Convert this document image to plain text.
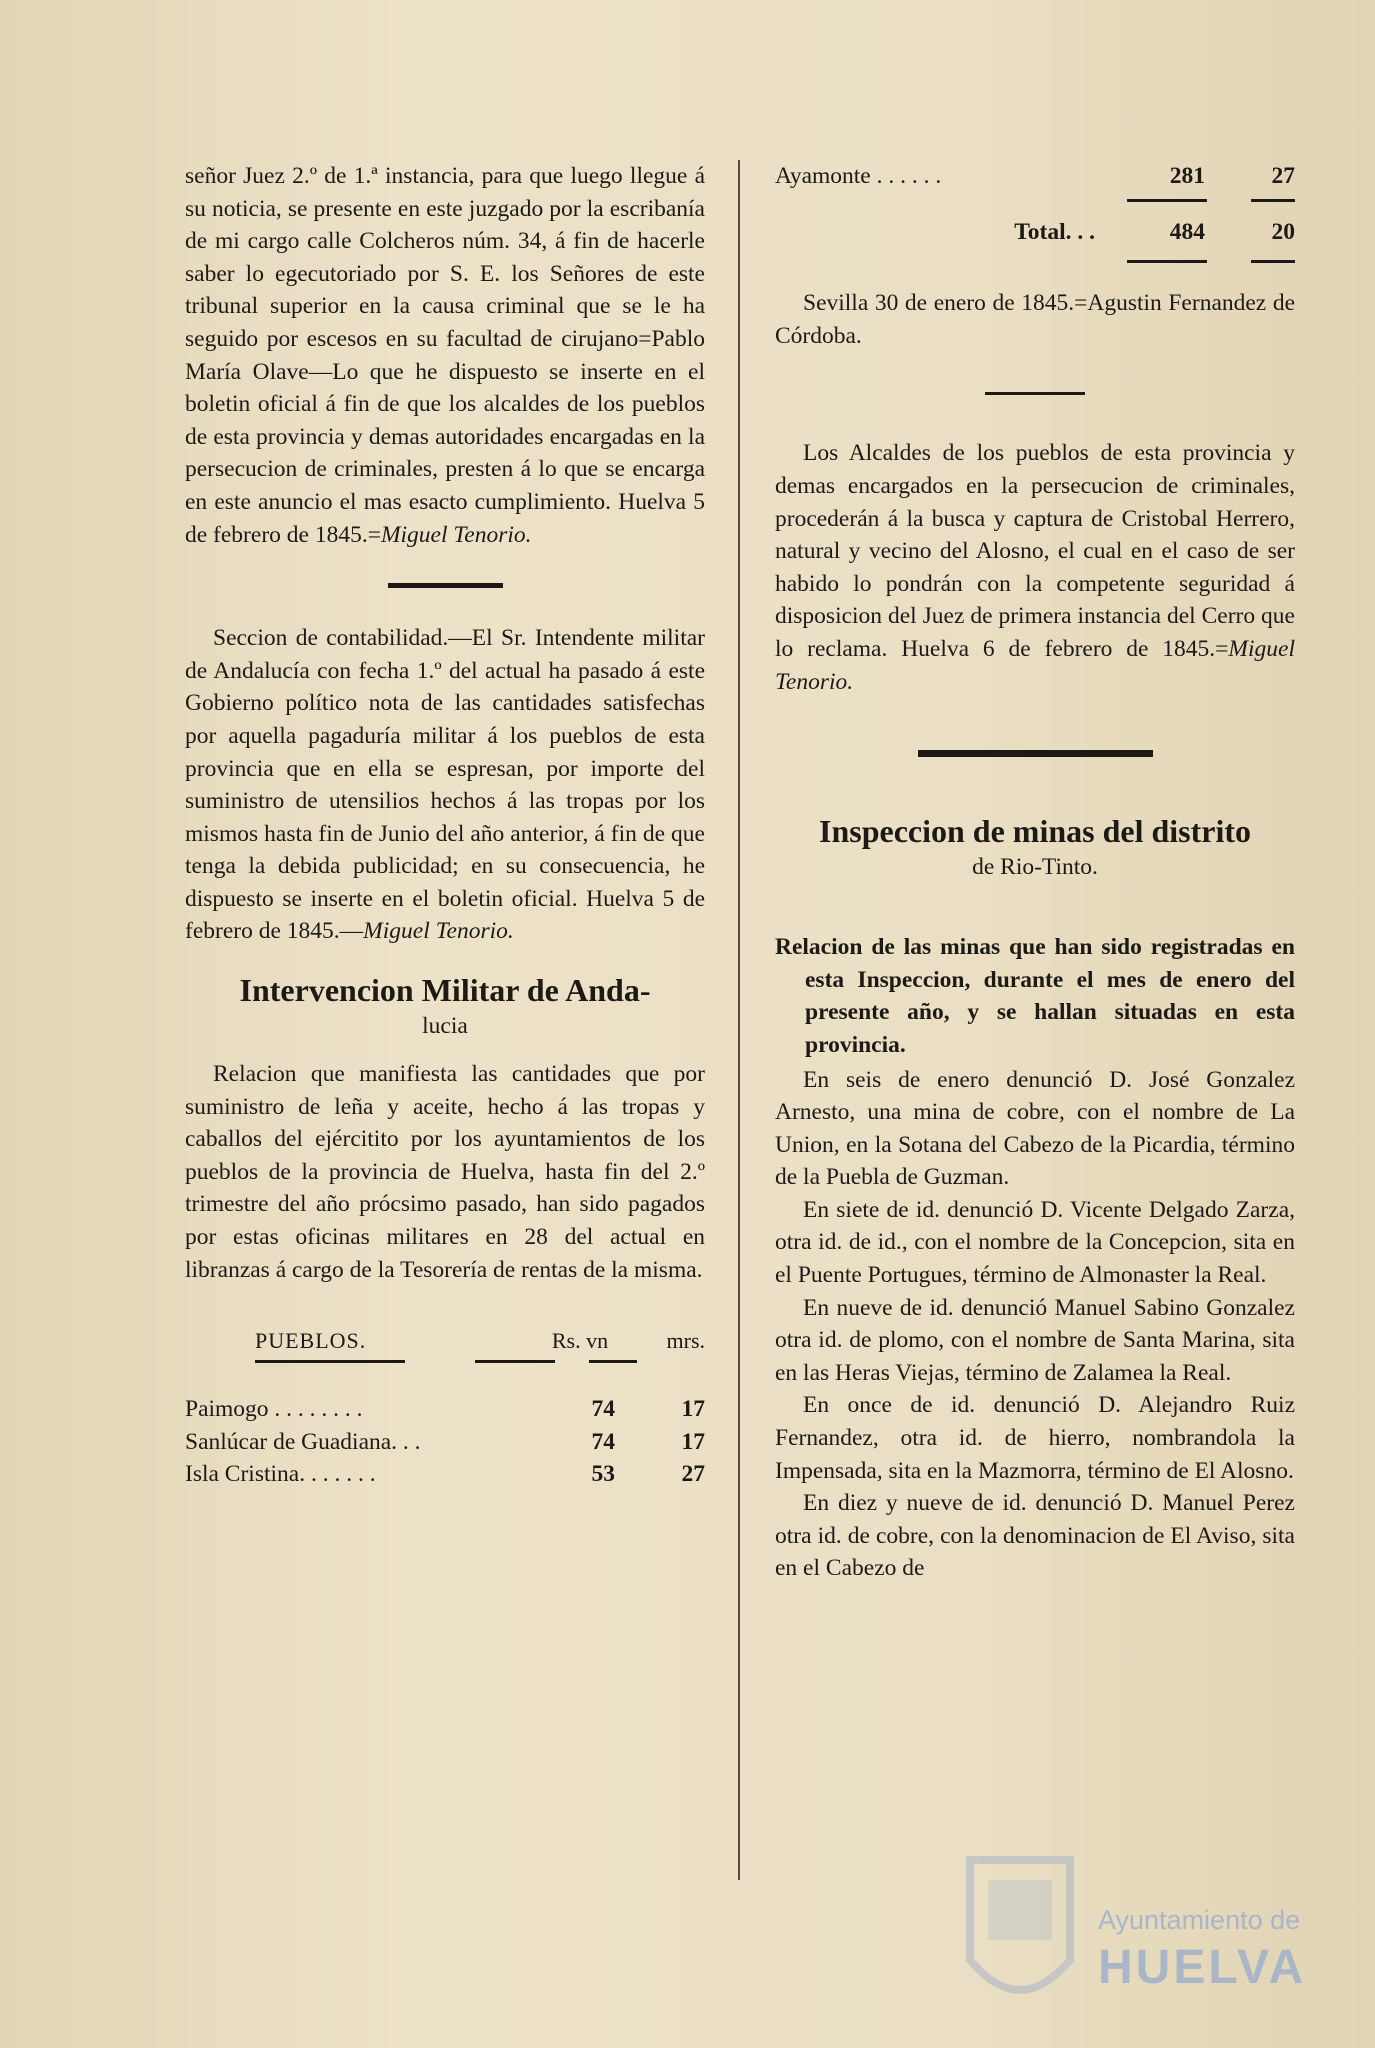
señor Juez 2.º de 1.ª instancia, para que luego llegue á su noticia, se presente en este juzgado por la escribanía de mi cargo calle Colcheros núm. 34, á fin de hacerle saber lo egecutoriado por S. E. los Señores de este tribunal superior en la causa criminal que se le ha seguido por escesos en su facultad de cirujano=Pablo María Olave—Lo que he dispuesto se inserte en el boletin oficial á fin de que los alcaldes de los pueblos de esta provincia y demas autoridades encargadas en la persecucion de criminales, presten á lo que se encarga en este anuncio el mas esacto cumplimiento. Huelva 5 de febrero de 1845.=Miguel Tenorio.

Seccion de contabilidad.—El Sr. Intendente militar de Andalucía con fecha 1.º del actual ha pasado á este Gobierno político nota de las cantidades satisfechas por aquella pagaduría militar á los pueblos de esta provincia que en ella se espresan, por importe del suministro de utensilios hechos á las tropas por los mismos hasta fin de Junio del año anterior, á fin de que tenga la debida publicidad; en su consecuencia, he dispuesto se inserte en el boletin oficial. Huelva 5 de febrero de 1845.—Miguel Tenorio.

Intervencion Militar de Anda-
lucia

Relacion que manifiesta las cantidades que por suministro de leña y aceite, hecho á las tropas y caballos del ejércitito por los ayuntamientos de los pueblos de la provincia de Huelva, hasta fin del 2.º trimestre del año prócsimo pasado, han sido pagados por estas oficinas militares en 28 del actual en libranzas á cargo de la Tesorería de rentas de la misma.

PUEBLOS.	Rs. vn	mrs.
Paimogo . . . . . . . .	74	17
Sanlúcar de Guadiana. . .	74	17
Isla Cristina. . . . . . .	53	27
Ayamonte . . . . . .	281	27
Total. . .	484	20

Sevilla 30 de enero de 1845.=Agustin Fernandez de Córdoba.

Los Alcaldes de los pueblos de esta provincia y demas encargados en la persecucion de criminales, procederán á la busca y captura de Cristobal Herrero, natural y vecino del Alosno, el cual en el caso de ser habido lo pondrán con la competente seguridad á disposicion del Juez de primera instancia del Cerro que lo reclama. Huelva 6 de febrero de 1845.=Miguel Tenorio.

Inspeccion de minas del distrito
de Rio-Tinto.

Relacion de las minas que han sido registradas en esta Inspeccion, durante el mes de enero del presente año, y se hallan situadas en esta provincia.

En seis de enero denunció D. José Gonzalez Arnesto, una mina de cobre, con el nombre de La Union, en la Sotana del Cabezo de la Picardia, término de la Puebla de Guzman.

En siete de id. denunció D. Vicente Delgado Zarza, otra id. de id., con el nombre de la Concepcion, sita en el Puente Portugues, término de Almonaster la Real.

En nueve de id. denunció Manuel Sabino Gonzalez otra id. de plomo, con el nombre de Santa Marina, sita en las Heras Viejas, término de Zalamea la Real.

En once de id. denunció D. Alejandro Ruiz Fernandez, otra id. de hierro, nombrandola la Impensada, sita en la Mazmorra, término de El Alosno.

En diez y nueve de id. denunció D. Manuel Perez otra id. de cobre, con la denominacion de El Aviso, sita en el Cabezo de

Ayuntamiento de
HUELVA
